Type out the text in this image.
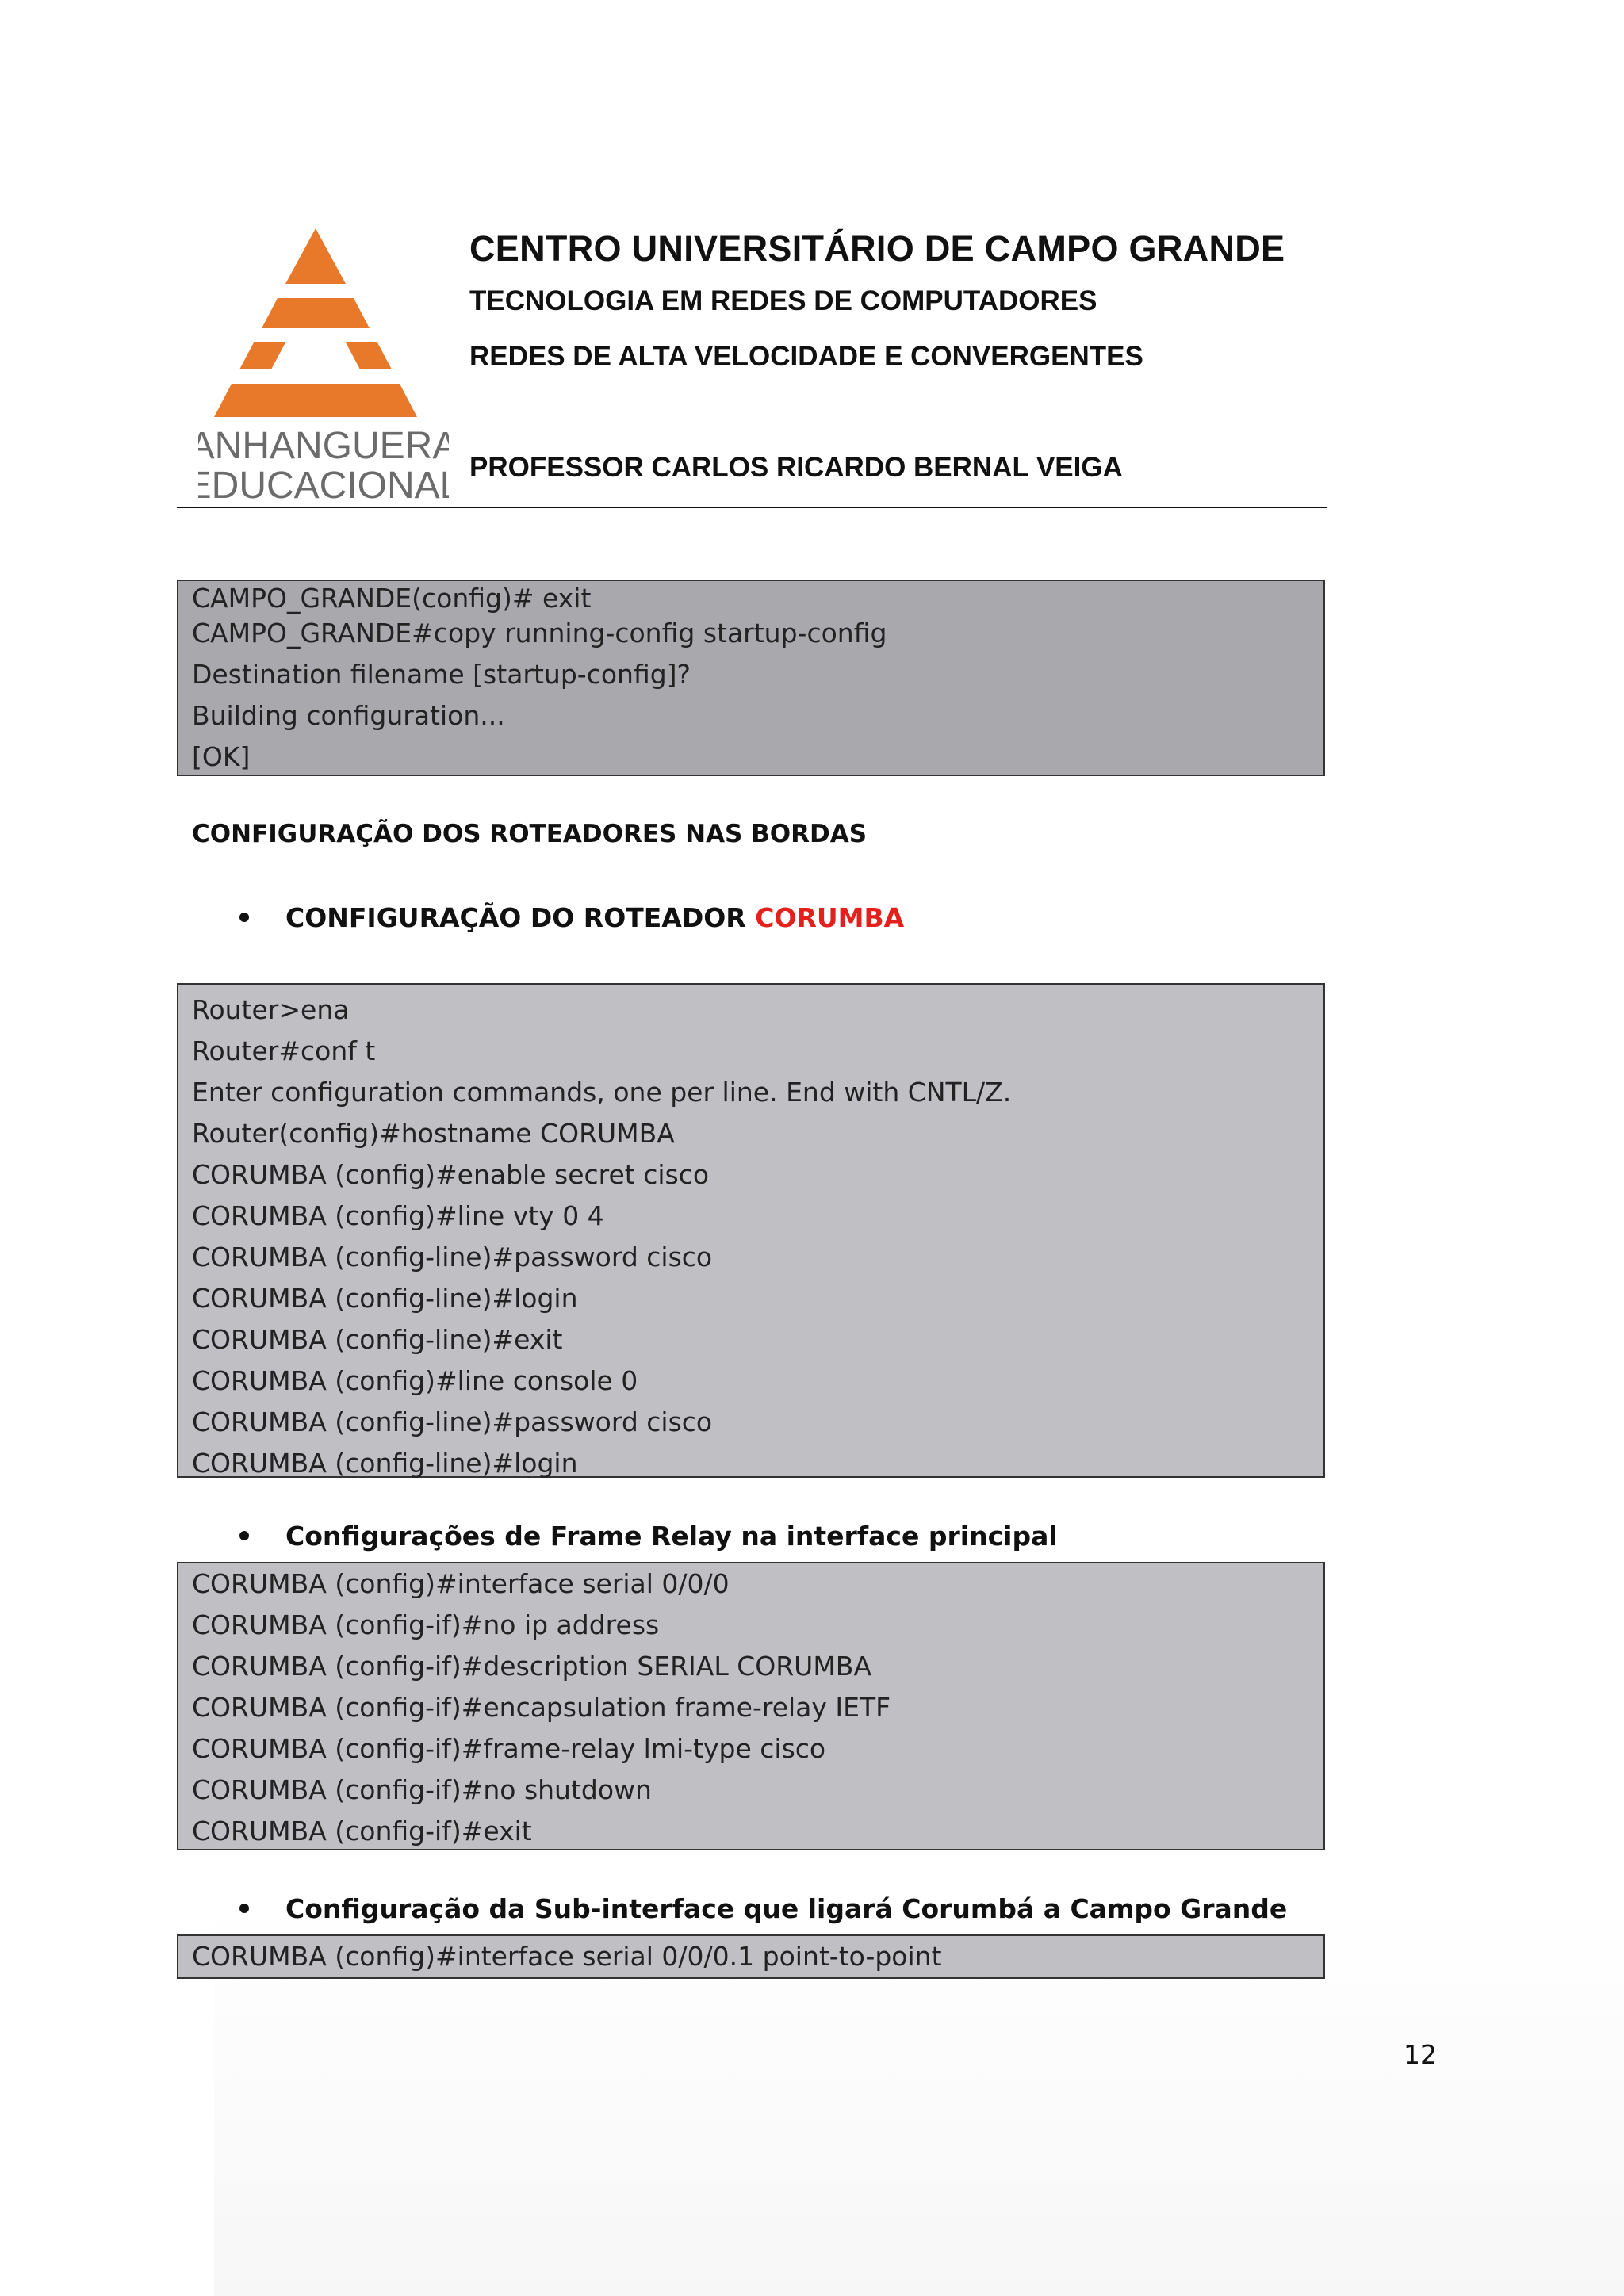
ANHANGUERA
EDUCACIONAL
CENTRO UNIVERSITÁRIO DE CAMPO GRANDE
TECNOLOGIA EM REDES DE COMPUTADORES
REDES DE ALTA VELOCIDADE E CONVERGENTES
PROFESSOR CARLOS RICARDO BERNAL VEIGA
CAMPO_GRANDE(config)# exit
CAMPO_GRANDE#copy running-config startup-config
Destination filename [startup-config]?
Building configuration...
[OK]
CONFIGURAÇÃO DOS ROTEADORES NAS BORDAS
CONFIGURAÇÃO DO ROTEADOR CORUMBA
Router>ena
Router#conf t
Enter configuration commands, one per line. End with CNTL/Z.
Router(config)#hostname CORUMBA
CORUMBA (config)#enable secret cisco
CORUMBA (config)#line vty 0 4
CORUMBA (config-line)#password cisco
CORUMBA (config-line)#login
CORUMBA (config-line)#exit
CORUMBA (config)#line console 0
CORUMBA (config-line)#password cisco
CORUMBA (config-line)#login
Configurações de Frame Relay na interface principal
CORUMBA (config)#interface serial 0/0/0
CORUMBA (config-if)#no ip address
CORUMBA (config-if)#description SERIAL CORUMBA
CORUMBA (config-if)#encapsulation frame-relay IETF
CORUMBA (config-if)#frame-relay lmi-type cisco
CORUMBA (config-if)#no shutdown
CORUMBA (config-if)#exit
Configuração da Sub-interface que ligará Corumbá a Campo Grande
CORUMBA (config)#interface serial 0/0/0.1 point-to-point
12
